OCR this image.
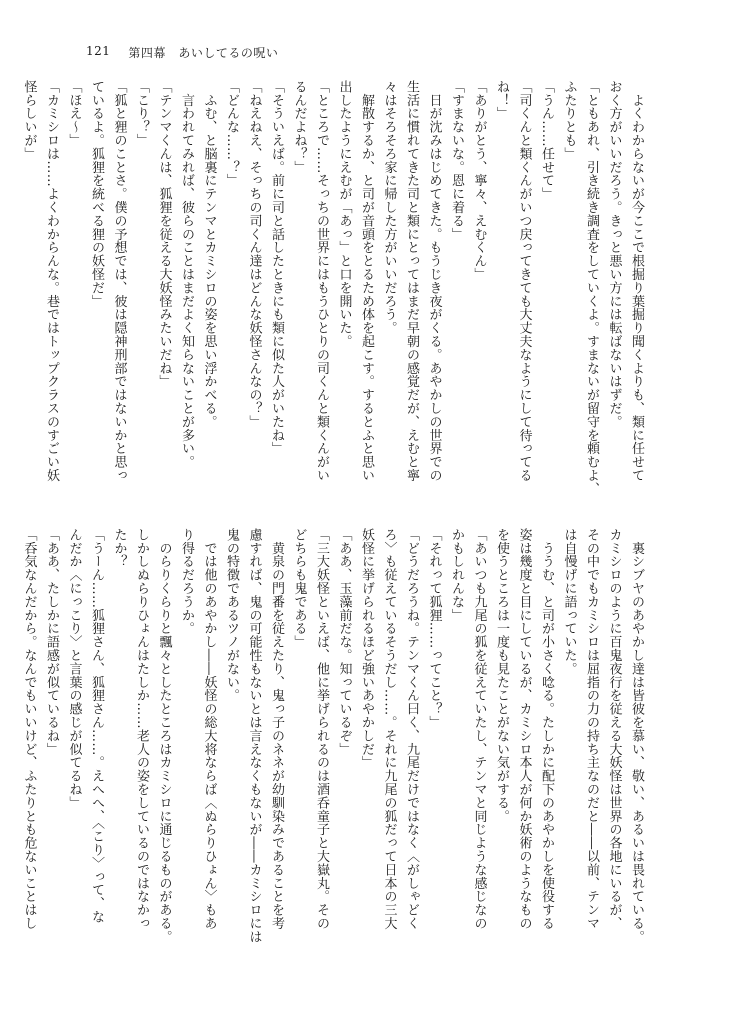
121 第四幕　あいしてるの呪い
　よくわからないが今ここで根掘り葉掘り聞くよりも、類に任せて
おく方がいいだろう。きっと悪い方には転ばないはずだ。
「ともあれ、引き続き調査をしていくよ。すまないが留守を頼むよ、
ふたりとも」
「うん……任せて」
「司くんと類くんがいつ戻ってきても大丈夫なようにして待ってる
ね！」
「ありがとう、寧々、えむくん」
「すまないな。恩に着る」
　日が沈みはじめてきた。もうじき夜がくる。あやかしの世界での
生活に慣れてきた司と類にとってはまだ早朝の感覚だが、えむと寧
々はそろそろ家に帰した方がいいだろう。
　解散するか、と司が音頭をとるため体を起こす。するとふと思い
出したようにえむが「あっ」と口を開いた。
「ところで……そっちの世界にはもうひとりの司くんと類くんがい
るんだよね？」
「そういえば。前に司と話したときにも類に似た人がいたね」
「ねえねえ、そっちの司くん達はどんな妖怪さんなの？」
「どんな……？」
　ふむ、と脳裏にテンマとカミシロの姿を思い浮かべる。
　言われてみれば、彼らのことはまだよく知らないことが多い。
「テンマくんは、狐狸を従える大妖怪みたいだね」
「こり？」
「狐と狸のことさ。僕の予想では、彼は隠神刑部ではないかと思っ
ているよ。狐狸を統べる狸の妖怪だ」
「ほえ～」
「カミシロは……よくわからんな。巷ではトップクラスのすごい妖
怪らしいが」
　裏シブヤのあやかし達は皆彼を慕い、敬い、あるいは畏れている。
カミシロのように百鬼夜行を従える大妖怪は世界の各地にいるが、
その中でもカミシロは屈指の力の持ち主なのだと――以前、テンマ
は自慢げに語っていた。
　ううむ、と司が小さく唸る。たしかに配下のあやかしを使役する
姿は幾度と目にしているが、カミシロ本人が何か妖術のようなもの
を使うところは一度も見たことがない気がする。
「あいつも九尾の狐を従えていたし、テンマと同じような感じなの
かもしれんな」
「それって狐狸……ってこと？」
「どうだろうね。テンマくん曰く、九尾だけではなく〈がしゃどく
ろ〉も従えているそうだし……。それに九尾の狐だって日本の三大
妖怪に挙げられるほど強いあやかしだ」
「ああ、玉藻前だな。知っているぞ」
「三大妖怪といえば、他に挙げられるのは酒呑童子と大嶽丸。その
どちらも鬼である」
　黄泉の門番を従えたり、鬼っ子のネネが幼馴染みであることを考
慮すれば、鬼の可能性もないとは言えなくもないが――カミシロには
鬼の特徴であるツノがない。
　では他のあやかし――妖怪の総大将ならば〈ぬらりひょん〉もあ
り得るだろうか。
　のらりくらりと飄々としたところはカミシロに通じるものがある。
しかしぬらりひょんはたしか……老人の姿をしているのではなかっ
たか？
「うーん……狐狸さん、狐狸さん……。えへへ、〈こり〉って、な
んだか〈にっこり〉と言葉の感じが似てるね」
「ああ、たしかに語感が似ているね」
「呑気なんだから。なんでもいいけど、ふたりとも危ないことはし
